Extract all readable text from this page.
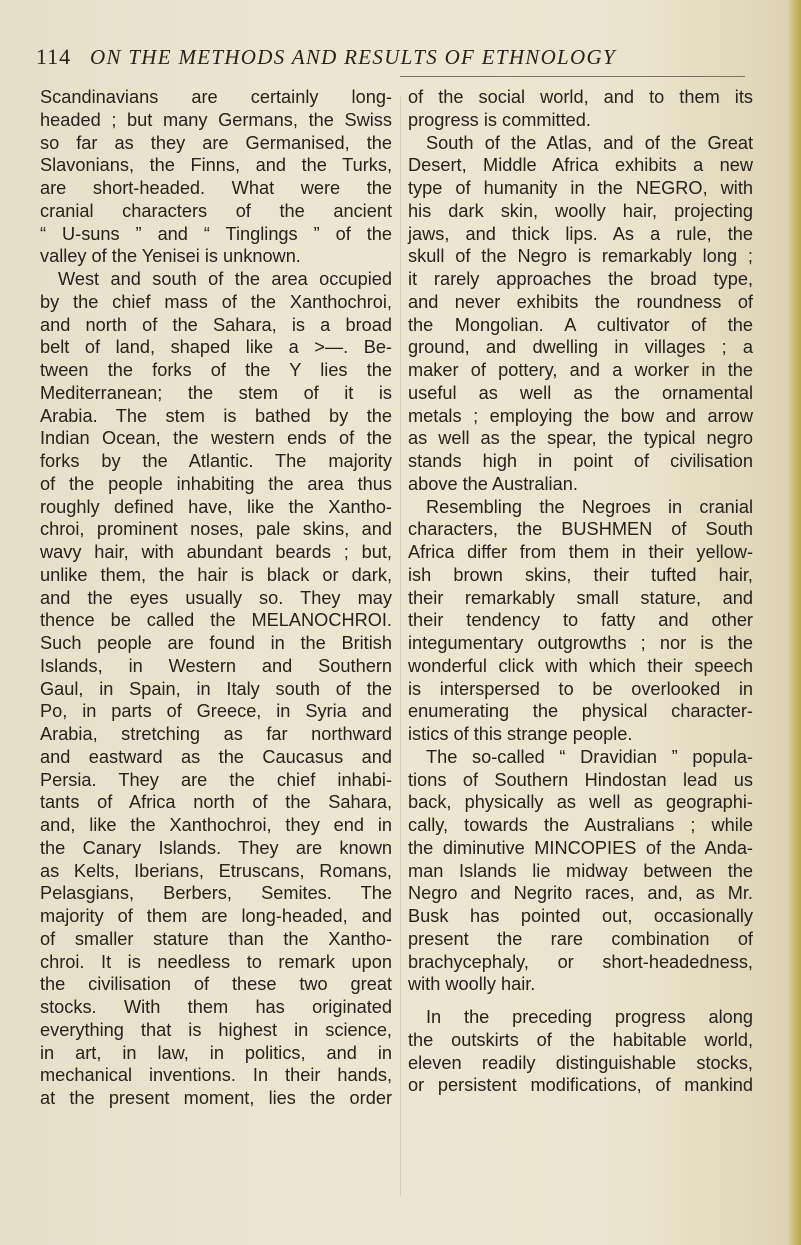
114 ON THE METHODS AND RESULTS OF ETHNOLOGY

Scandinavians are certainly long-

headed ; but many Germans, the Swiss

so far as they are Germanised, the

Slavonians, the Finns, and the Turks,

are short-headed. What were the

cranial characters of the ancient

“ U-suns ” and “ Tinglings ” of the

valley of the Yenisei is unknown.

West and south of the area occupied

by the chief mass of the Xanthochroi,

and north of the Sahara, is a broad

belt of land, shaped like a >—. Be-

tween the forks of the Y lies the

Mediterranean; the stem of it is

Arabia. The stem is bathed by the

Indian Ocean, the western ends of the

forks by the Atlantic. The majority

of the people inhabiting the area thus

roughly defined have, like the Xantho-

chroi, prominent noses, pale skins, and

wavy hair, with abundant beards ; but,

unlike them, the hair is black or dark,

and the eyes usually so. They may

thence be called the MELANOCHROI.

Such people are found in the British

Islands, in Western and Southern

Gaul, in Spain, in Italy south of the

Po, in parts of Greece, in Syria and

Arabia, stretching as far northward

and eastward as the Caucasus and

Persia. They are the chief inhabi-

tants of Africa north of the Sahara,

and, like the Xanthochroi, they end in

the Canary Islands. They are known

as Kelts, Iberians, Etruscans, Romans,

Pelasgians, Berbers, Semites. The

majority of them are long-headed, and

of smaller stature than the Xantho-

chroi. It is needless to remark upon

the civilisation of these two great

stocks. With them has originated

everything that is highest in science,

in art, in law, in politics, and in

mechanical inventions. In their hands,

at the present moment, lies the order

of the social world, and to them its

progress is committed.

South of the Atlas, and of the Great

Desert, Middle Africa exhibits a new

type of humanity in the NEGRO, with

his dark skin, woolly hair, projecting

jaws, and thick lips. As a rule, the

skull of the Negro is remarkably long ;

it rarely approaches the broad type,

and never exhibits the roundness of

the Mongolian. A cultivator of the

ground, and dwelling in villages ; a

maker of pottery, and a worker in the

useful as well as the ornamental

metals ; employing the bow and arrow

as well as the spear, the typical negro

stands high in point of civilisation

above the Australian.

Resembling the Negroes in cranial

characters, the BUSHMEN of South

Africa differ from them in their yellow-

ish brown skins, their tufted hair,

their remarkably small stature, and

their tendency to fatty and other

integumentary outgrowths ; nor is the

wonderful click with which their speech

is interspersed to be overlooked in

enumerating the physical character-

istics of this strange people.

The so-called “ Dravidian ” popula-

tions of Southern Hindostan lead us

back, physically as well as geographi-

cally, towards the Australians ; while

the diminutive MINCOPIES of the Anda-

man Islands lie midway between the

Negro and Negrito races, and, as Mr.

Busk has pointed out, occasionally

present the rare combination of

brachycephaly, or short-headedness,

with woolly hair.

In the preceding progress along

the outskirts of the habitable world,

eleven readily distinguishable stocks,

or persistent modifications, of mankind
